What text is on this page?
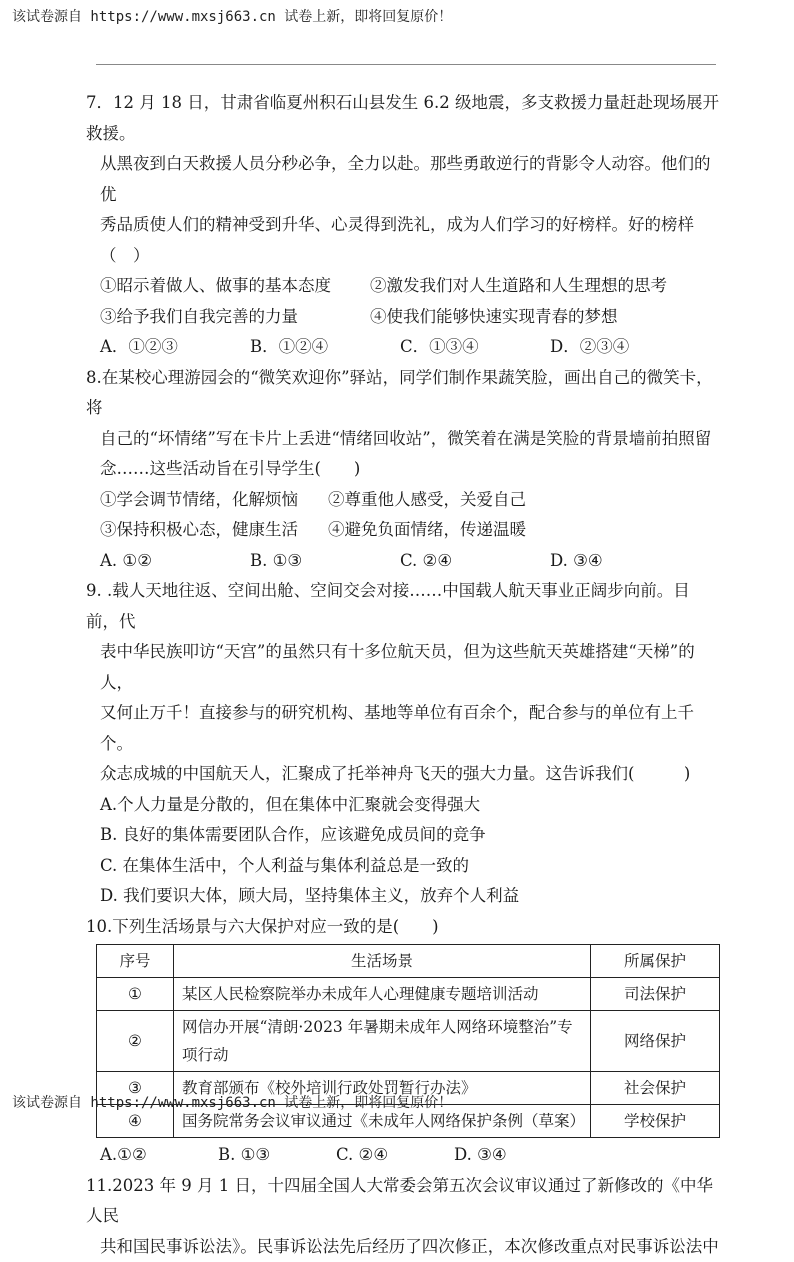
该试卷源自 https://www.mxsj663.cn 试卷上新，即将回复原价！

7．12 月 18 日，甘肃省临夏州积石山县发生 6.2 级地震，多支救援力量赶赴现场展开救援。

从黑夜到白天救援人员分秒必争，全力以赴。那些勇敢逆行的背影令人动容。他们的优

秀品质使人们的精神受到升华、心灵得到洗礼，成为人们学习的好榜样。好的榜样（　）

①昭示着做人、做事的基本态度	②激发我们对人生道路和人生理想的思考
③给予我们自我完善的力量	④使我们能够快速实现青春的梦想
A．①②③	B．①②④	C．①③④	D．②③④

8.在某校心理游园会的“微笑欢迎你”驿站，同学们制作果蔬笑脸，画出自己的微笑卡，将

自己的“坏情绪”写在卡片上丢进“情绪回收站”，微笑着在满是笑脸的背景墙前拍照留

念……这些活动旨在引导学生(　　)

①学会调节情绪，化解烦恼	②尊重他人感受，关爱自己
③保持积极心态，健康生活	④避免负面情绪，传递温暖
A. ①②	B. ①③	C. ②④	D. ③④

9. .载人天地往返、空间出舱、空间交会对接……中国载人航天事业正阔步向前。目前，代

表中华民族叩访“天宫”的虽然只有十多位航天员，但为这些航天英雄搭建“天梯”的人，

又何止万千！直接参与的研究机构、基地等单位有百余个，配合参与的单位有上千个。

众志成城的中国航天人，汇聚成了托举神舟飞天的强大力量。这告诉我们(　　　)

A.个人力量是分散的，但在集体中汇聚就会变得强大

B. 良好的集体需要团队合作，应该避免成员间的竞争

C. 在集体生活中，个人利益与集体利益总是一致的

D. 我们要识大体，顾大局，坚持集体主义，放弃个人利益

10.下列生活场景与六大保护对应一致的是(　　)

序号	生活场景	所属保护
①	某区人民检察院举办未成年人心理健康专题培训活动	司法保护
②	网信办开展“清朗·2023 年暑期未成年人网络环境整治”专项行动	网络保护
③	教育部颁布《校外培训行政处罚暂行办法》	社会保护
④	国务院常务会议审议通过《未成年人网络保护条例（草案）	学校保护
A.①②	B. ①③	C. ②④	D. ③④

11.2023 年 9 月 1 日，十四届全国人大常委会第五次会议审议通过了新修改的《中华人民

共和国民事诉讼法》。民事诉讼法先后经历了四次修正，本次修改重点对民事诉讼法中

该试卷源自 https://www.mxsj663.cn 试卷上新，即将回复原价！
